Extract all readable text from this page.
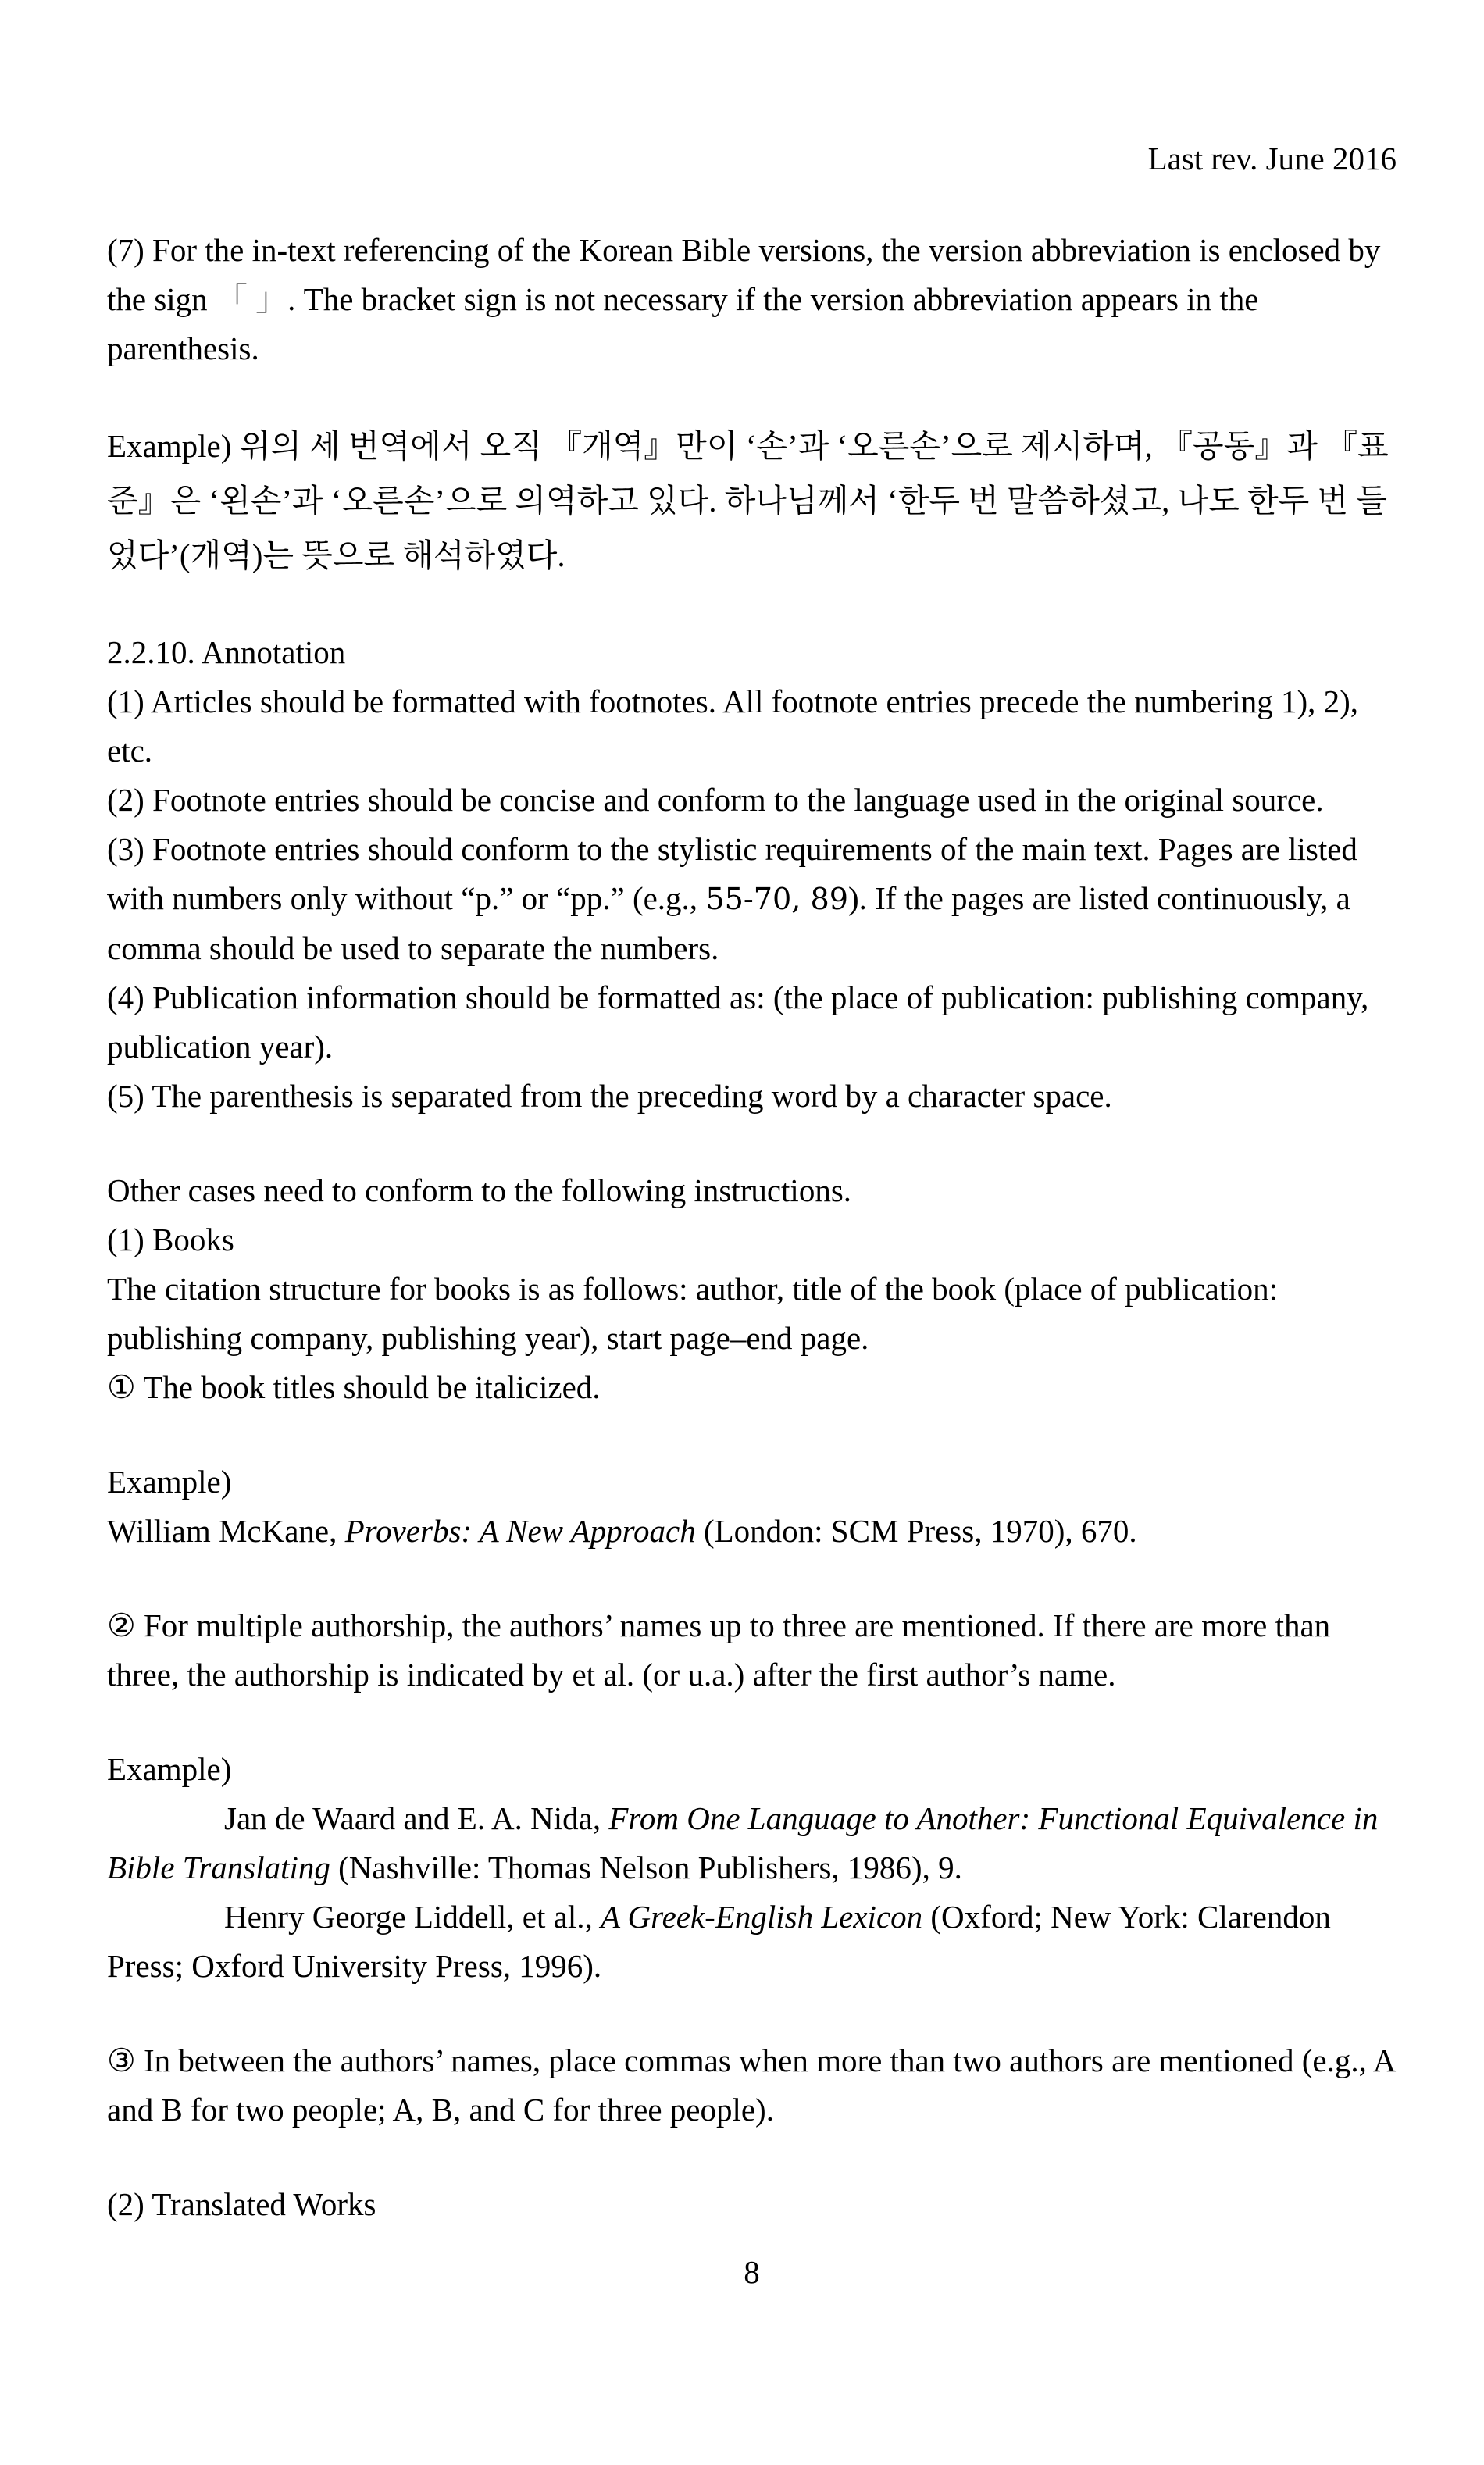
Last rev. June 2016

(7) For the in-text referencing of the Korean Bible versions, the version abbreviation is enclosed by the sign 「 」. The bracket sign is not necessary if the version abbreviation appears in the parenthesis.

Example) 위의 세 번역에서 오직 『개역』만이 ‘손’과 ‘오른손’으로 제시하며, 『공동』과 『표준』은 ‘왼손’과 ‘오른손’으로 의역하고 있다. 하나님께서 ‘한두 번 말씀하셨고, 나도 한두 번 들었다’(개역)는 뜻으로 해석하였다.

2.2.10. Annotation

(1) Articles should be formatted with footnotes. All footnote entries precede the numbering 1), 2), etc.

(2) Footnote entries should be concise and conform to the language used in the original source.

(3) Footnote entries should conform to the stylistic requirements of the main text. Pages are listed with numbers only without “p.” or “pp.” (e.g., 55-70, 89). If the pages are listed continuously, a comma should be used to separate the numbers.

(4) Publication information should be formatted as: (the place of publication: publishing company, publication year).

(5) The parenthesis is separated from the preceding word by a character space.

Other cases need to conform to the following instructions.

(1) Books

The citation structure for books is as follows: author, title of the book (place of publication: publishing company, publishing year), start page–end page.

① The book titles should be italicized.

Example)

William McKane, Proverbs: A New Approach (London: SCM Press, 1970), 670.

② For multiple authorship, the authors’ names up to three are mentioned. If there are more than three, the authorship is indicated by et al. (or u.a.) after the first author’s name.

Example)

Jan de Waard and E. A. Nida, From One Language to Another: Functional Equivalence in Bible Translating (Nashville: Thomas Nelson Publishers, 1986), 9.

Henry George Liddell, et al., A Greek-English Lexicon (Oxford; New York: Clarendon Press; Oxford University Press, 1996).

③ In between the authors’ names, place commas when more than two authors are mentioned (e.g., A and B for two people; A, B, and C for three people).

(2) Translated Works

8
